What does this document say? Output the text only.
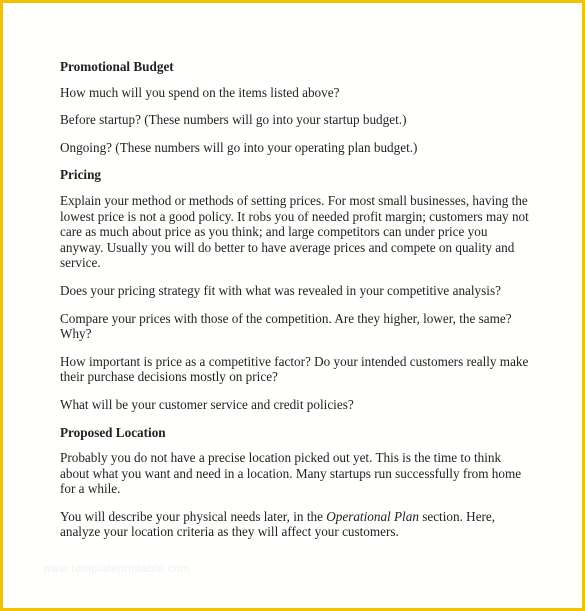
Promotional Budget

How much will you spend on the items listed above?

Before startup? (These numbers will go into your startup budget.)

Ongoing? (These numbers will go into your operating plan budget.)

Pricing

Explain your method or methods of setting prices. For most small businesses, having the lowest price is not a good policy. It robs you of needed profit margin; customers may not care as much about price as you think; and large competitors can under price you anyway. Usually you will do better to have average prices and compete on quality and service.

Does your pricing strategy fit with what was revealed in your competitive analysis?

Compare your prices with those of the competition. Are they higher, lower, the same? Why?

How important is price as a competitive factor? Do your intended customers really make their purchase decisions mostly on price?

What will be your customer service and credit policies?

Proposed Location

Probably you do not have a precise location picked out yet. This is the time to think about what you want and need in a location. Many startups run successfully from home for a while.

You will describe your physical needs later, in the Operational Plan section. Here, analyze your location criteria as they will affect your customers.

www.templateprintable.com
